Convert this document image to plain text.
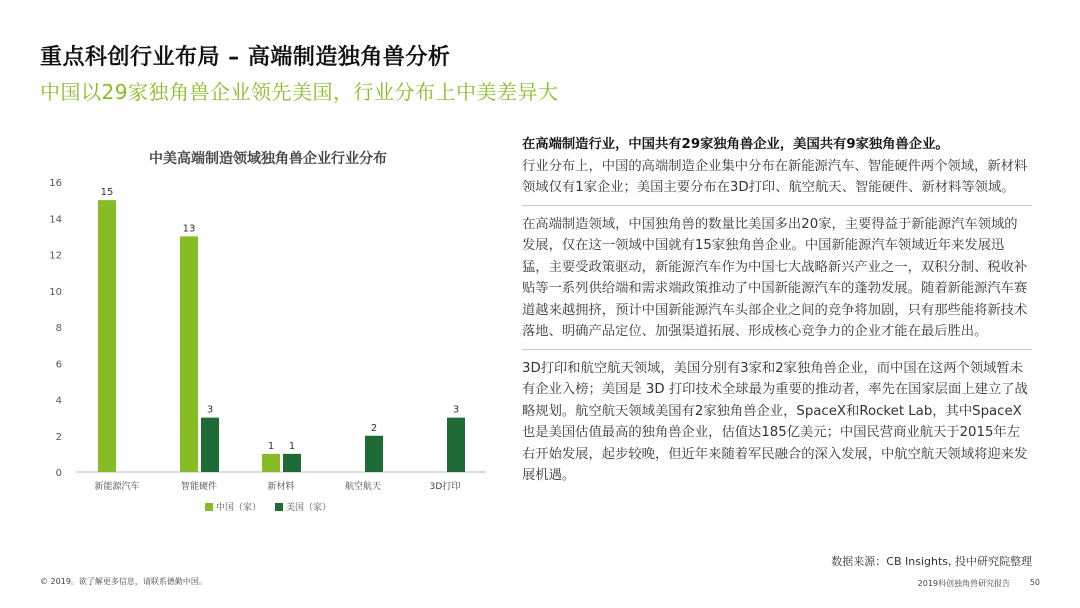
重点科创行业布局 – 高端制造独角兽分析
中国以29家独角兽企业领先美国，行业分布上中美差异大
中美高端制造领域独角兽企业行业分布
0
2
4
6
8
10
12
14
16
新能源汽车
15
智能硬件
13
3
新材料
1 1
航空航天
2
3D打印
3
中国（家）	美国（家）
在高端制造行业，中国共有29家独角兽企业，美国共有9家独角兽企业。
行业分布上，中国的高端制造企业集中分布在新能源汽车、智能硬件两个领域，新材料领域仅有1家企业；美国主要分布在3D打印、航空航天、智能硬件、新材料等领域。
在高端制造领域，中国独角兽的数量比美国多出20家，主要得益于新能源汽车领域的发展，仅在这一领域中国就有15家独角兽企业。中国新能源汽车领域近年来发展迅猛，主要受政策驱动，新能源汽车作为中国七大战略新兴产业之一，双积分制、税收补贴等一系列供给端和需求端政策推动了中国新能源汽车的蓬勃发展。随着新能源汽车赛道越来越拥挤，预计中国新能源汽车头部企业之间的竞争将加剧，只有那些能将新技术落地、明确产品定位、加强渠道拓展、形成核心竞争力的企业才能在最后胜出。
3D打印和航空航天领域，美国分别有3家和2家独角兽企业，而中国在这两个领域暂未有企业入榜；美国是 3D 打印技术全球最为重要的推动者，率先在国家层面上建立了战略规划。航空航天领域美国有2家独角兽企业，SpaceX和Rocket Lab，其中SpaceX也是美国估值最高的独角兽企业，估值达185亿美元；中国民营商业航天于2015年左右开始发展，起步较晚，但近年来随着军民融合的深入发展，中航空航天领域将迎来发展机遇。
数据来源：CB Insights, 投中研究院整理
© 2019。欲了解更多信息，请联系德勤中国。	2019科创独角兽研究报告 50
